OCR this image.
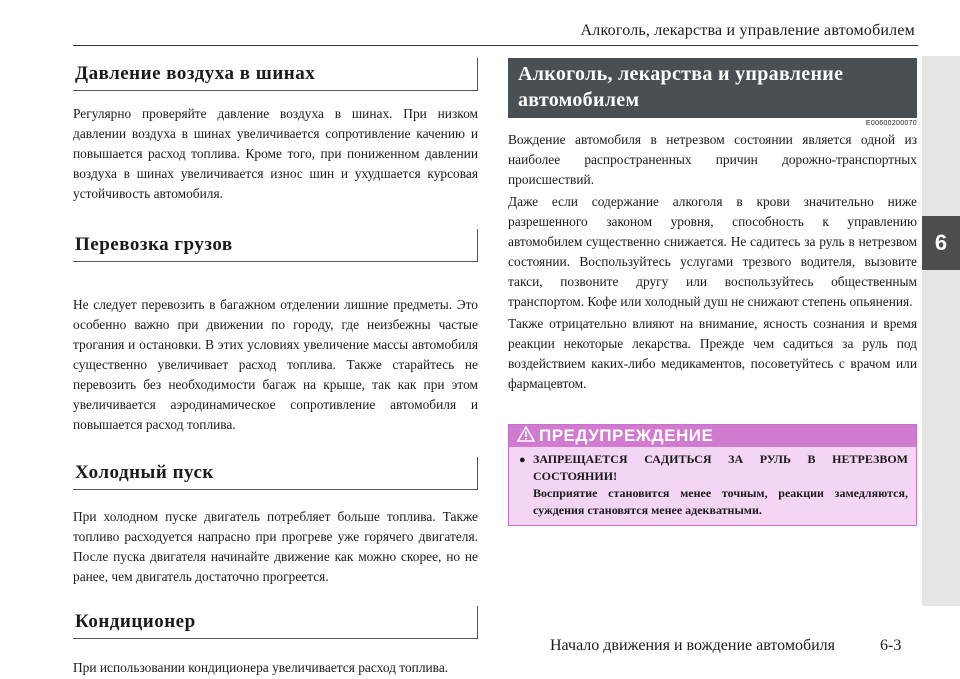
Алкоголь, лекарства и управление автомобилем
6
Давление воздуха в шинах

Регулярно проверяйте давление воздуха в шинах. При низком давлении воздуха в шинах увеличивается сопротивление качению и повышается расход топлива. Кроме того, при пониженном давлении воздуха в шинах увеличивается износ шин и ухудшается курсовая устойчивость автомобиля.

Перевозка грузов

Не следует перевозить в багажном отделении лишние предметы. Это особенно важно при движении по городу, где неизбежны частые трогания и остановки. В этих условиях увеличение массы автомобиля существенно увеличивает расход топлива. Также старайтесь не перевозить без необходимости багаж на крыше, так как при этом увеличивается аэродинамическое сопротивление автомобиля и повышается расход топлива.

Холодный пуск

При холодном пуске двигатель потребляет больше топлива. Также топливо расходуется напрасно при прогреве уже горячего двигателя. После пуска двигателя начинайте движение как можно скорее, но не ранее, чем двигатель достаточно прогреется.

Кондиционер

При использовании кондиционера увеличивается расход топлива.

Алкоголь, лекарства и управление автомобилем
E00600200070

Вождение автомобиля в нетрезвом состоянии является одной из наиболее распространенных причин дорожно-транспортных происшествий.

Даже если содержание алкоголя в крови значительно ниже разрешенного законом уровня, способность к управлению автомобилем существенно снижается. Не садитесь за руль в нетрезвом состоянии. Воспользуйтесь услугами трезвого водителя, вызовите такси, позвоните другу или воспользуйтесь общественным транспортом. Кофе или холодный душ не снижают степень опьянения.

Также отрицательно влияют на внимание, ясность сознания и время реакции некоторые лекарства. Прежде чем садиться за руль под воздействием каких-либо медикаментов, посоветуйтесь с врачом или фармацевтом.

ПРЕДУПРЕЖДЕНИЕ
● ЗАПРЕЩАЕТСЯ САДИТЬСЯ ЗА РУЛЬ В НЕТРЕЗВОМ СОСТОЯНИИ!
Восприятие становится менее точным, реакции замедляются, суждения становятся менее адекватными.
Начало движения и вождение автомобиля	6-3
